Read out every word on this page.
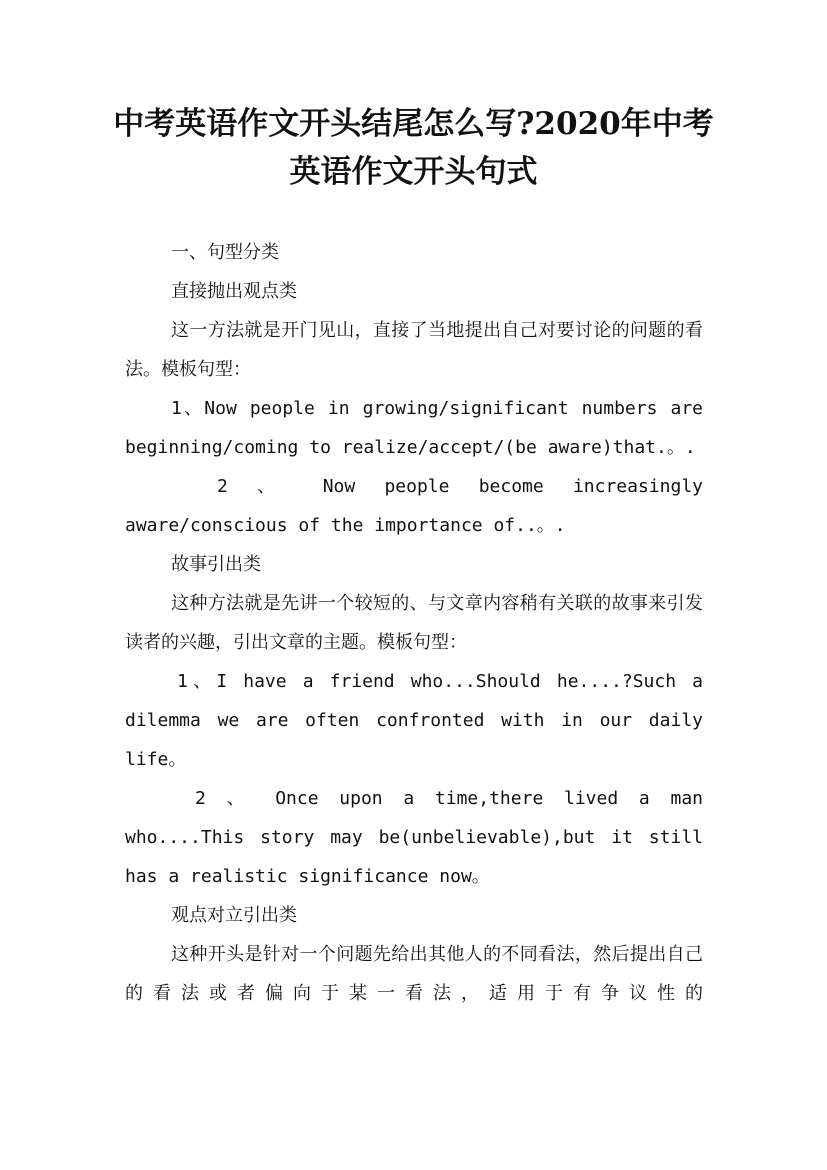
中考英语作文开头结尾怎么写?2020年中考英语作文开头句式

一、句型分类

直接抛出观点类

这一方法就是开门见山，直接了当地提出自己对要讨论的问题的看法。模板句型：

1、Now people in growing/significant numbers are beginning/coming to realize/accept/(be aware)that.。.

2 、 Now people become increasingly aware/conscious of the importance of..。.

故事引出类

这种方法就是先讲一个较短的、与文章内容稍有关联的故事来引发读者的兴趣，引出文章的主题。模板句型：

1、I have a friend who...Should he....?Such a dilemma we are often confronted with in our daily life。

2 、 Once upon a time,there lived a man who....This story may be(unbelievable),but it still has a realistic significance now。

观点对立引出类

这种开头是针对一个问题先给出其他人的不同看法，然后提出自己的看法或者偏向于某一看法，适用于有争议性的
